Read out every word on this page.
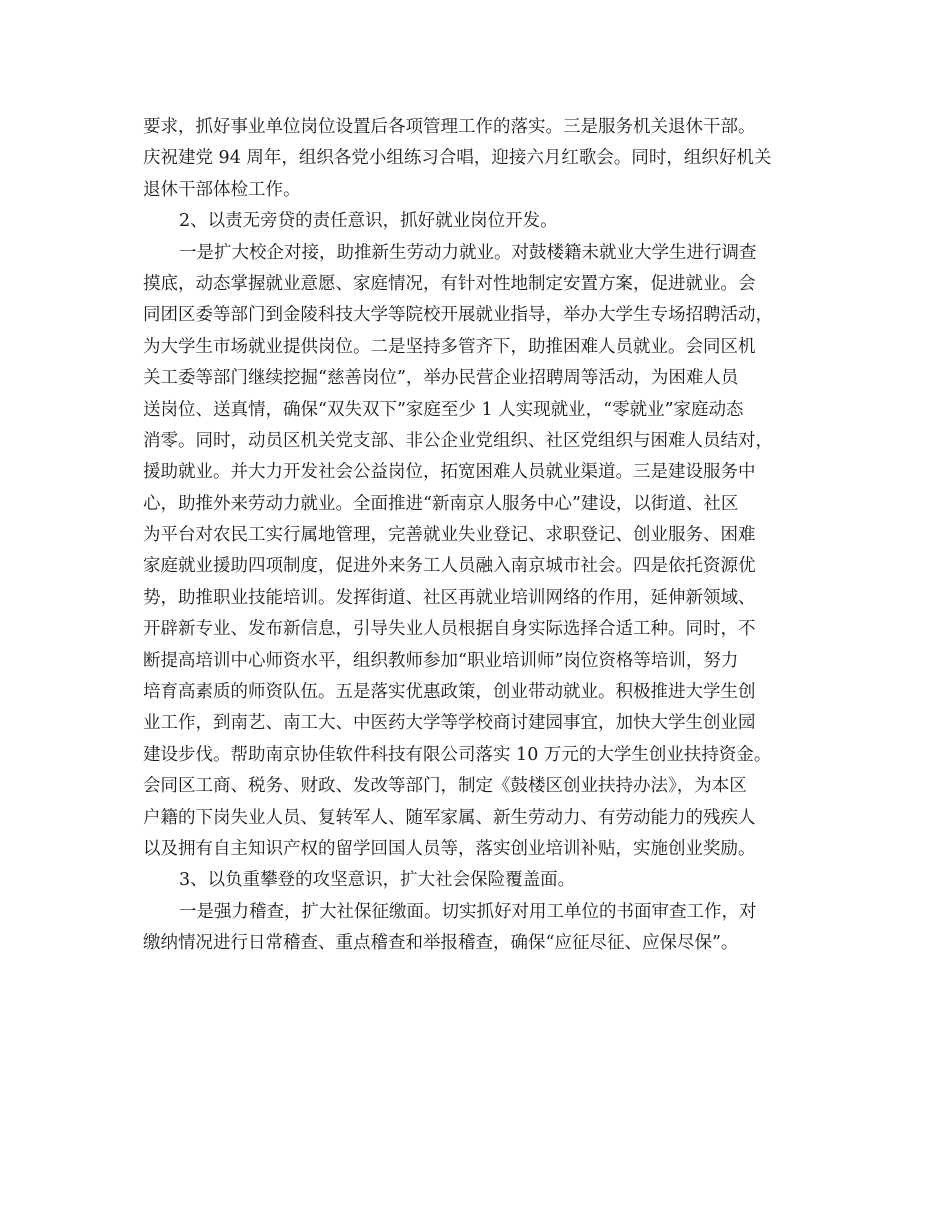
要求，抓好事业单位岗位设置后各项管理工作的落实。三是服务机关退休干部。
庆祝建党 94 周年，组织各党小组练习合唱，迎接六月红歌会。同时，组织好机关
退休干部体检工作。
2、以责无旁贷的责任意识，抓好就业岗位开发。
一是扩大校企对接，助推新生劳动力就业。对鼓楼籍未就业大学生进行调查
摸底，动态掌握就业意愿、家庭情况，有针对性地制定安置方案，促进就业。会
同团区委等部门到金陵科技大学等院校开展就业指导，举办大学生专场招聘活动，
为大学生市场就业提供岗位。二是坚持多管齐下，助推困难人员就业。会同区机
关工委等部门继续挖掘“慈善岗位”，举办民营企业招聘周等活动，为困难人员
送岗位、送真情，确保“双失双下”家庭至少 1 人实现就业，“零就业”家庭动态
消零。同时，动员区机关党支部、非公企业党组织、社区党组织与困难人员结对，
援助就业。并大力开发社会公益岗位，拓宽困难人员就业渠道。三是建设服务中
心，助推外来劳动力就业。全面推进“新南京人服务中心”建设，以街道、社区
为平台对农民工实行属地管理，完善就业失业登记、求职登记、创业服务、困难
家庭就业援助四项制度，促进外来务工人员融入南京城市社会。四是依托资源优
势，助推职业技能培训。发挥街道、社区再就业培训网络的作用，延伸新领域、
开辟新专业、发布新信息，引导失业人员根据自身实际选择合适工种。同时，不
断提高培训中心师资水平，组织教师参加“职业培训师”岗位资格等培训，努力
培育高素质的师资队伍。五是落实优惠政策，创业带动就业。积极推进大学生创
业工作，到南艺、南工大、中医药大学等学校商讨建园事宜，加快大学生创业园
建设步伐。帮助南京协佳软件科技有限公司落实 10 万元的大学生创业扶持资金。
会同区工商、税务、财政、发改等部门，制定《鼓楼区创业扶持办法》，为本区
户籍的下岗失业人员、复转军人、随军家属、新生劳动力、有劳动能力的残疾人
以及拥有自主知识产权的留学回国人员等，落实创业培训补贴，实施创业奖励。
3、以负重攀登的攻坚意识，扩大社会保险覆盖面。
一是强力稽查，扩大社保征缴面。切实抓好对用工单位的书面审查工作，对
缴纳情况进行日常稽查、重点稽查和举报稽查，确保“应征尽征、应保尽保”。
